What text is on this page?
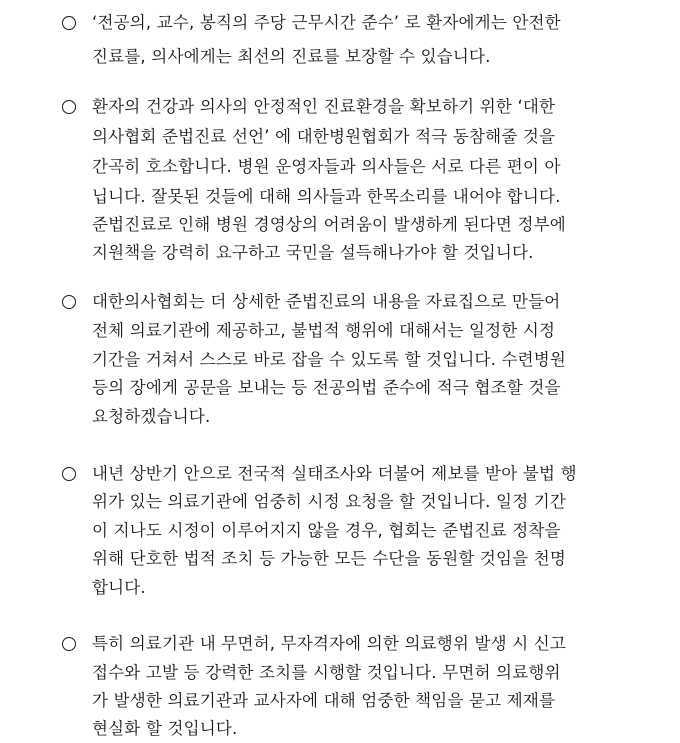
‘전공의, 교수, 봉직의 주당 근무시간 준수’ 로 환자에게는 안전한
진료를, 의사에게는 최선의 진료를 보장할 수 있습니다.
환자의 건강과 의사의 안정적인 진료환경을 확보하기 위한 ‘대한
의사협회 준법진료 선언’ 에 대한병원협회가 적극 동참해줄 것을
간곡히 호소합니다. 병원 운영자들과 의사들은 서로 다른 편이 아
닙니다. 잘못된 것들에 대해 의사들과 한목소리를 내어야 합니다.
준법진료로 인해 병원 경영상의 어려움이 발생하게 된다면 정부에
지원책을 강력히 요구하고 국민을 설득해나가야 할 것입니다.
대한의사협회는 더 상세한 준법진료의 내용을 자료집으로 만들어
전체 의료기관에 제공하고, 불법적 행위에 대해서는 일정한 시정
기간을 거쳐서 스스로 바로 잡을 수 있도록 할 것입니다. 수련병원
등의 장에게 공문을 보내는 등 전공의법 준수에 적극 협조할 것을
요청하겠습니다.
내년 상반기 안으로 전국적 실태조사와 더불어 제보를 받아 불법 행
위가 있는 의료기관에 엄중히 시정 요청을 할 것입니다. 일정 기간
이 지나도 시정이 이루어지지 않을 경우, 협회는 준법진료 정착을
위해 단호한 법적 조치 등 가능한 모든 수단을 동원할 것임을 천명
합니다.
특히 의료기관 내 무면허, 무자격자에 의한 의료행위 발생 시 신고
접수와 고발 등 강력한 조치를 시행할 것입니다. 무면허 의료행위
가 발생한 의료기관과 교사자에 대해 엄중한 책임을 묻고 제재를
현실화 할 것입니다.
